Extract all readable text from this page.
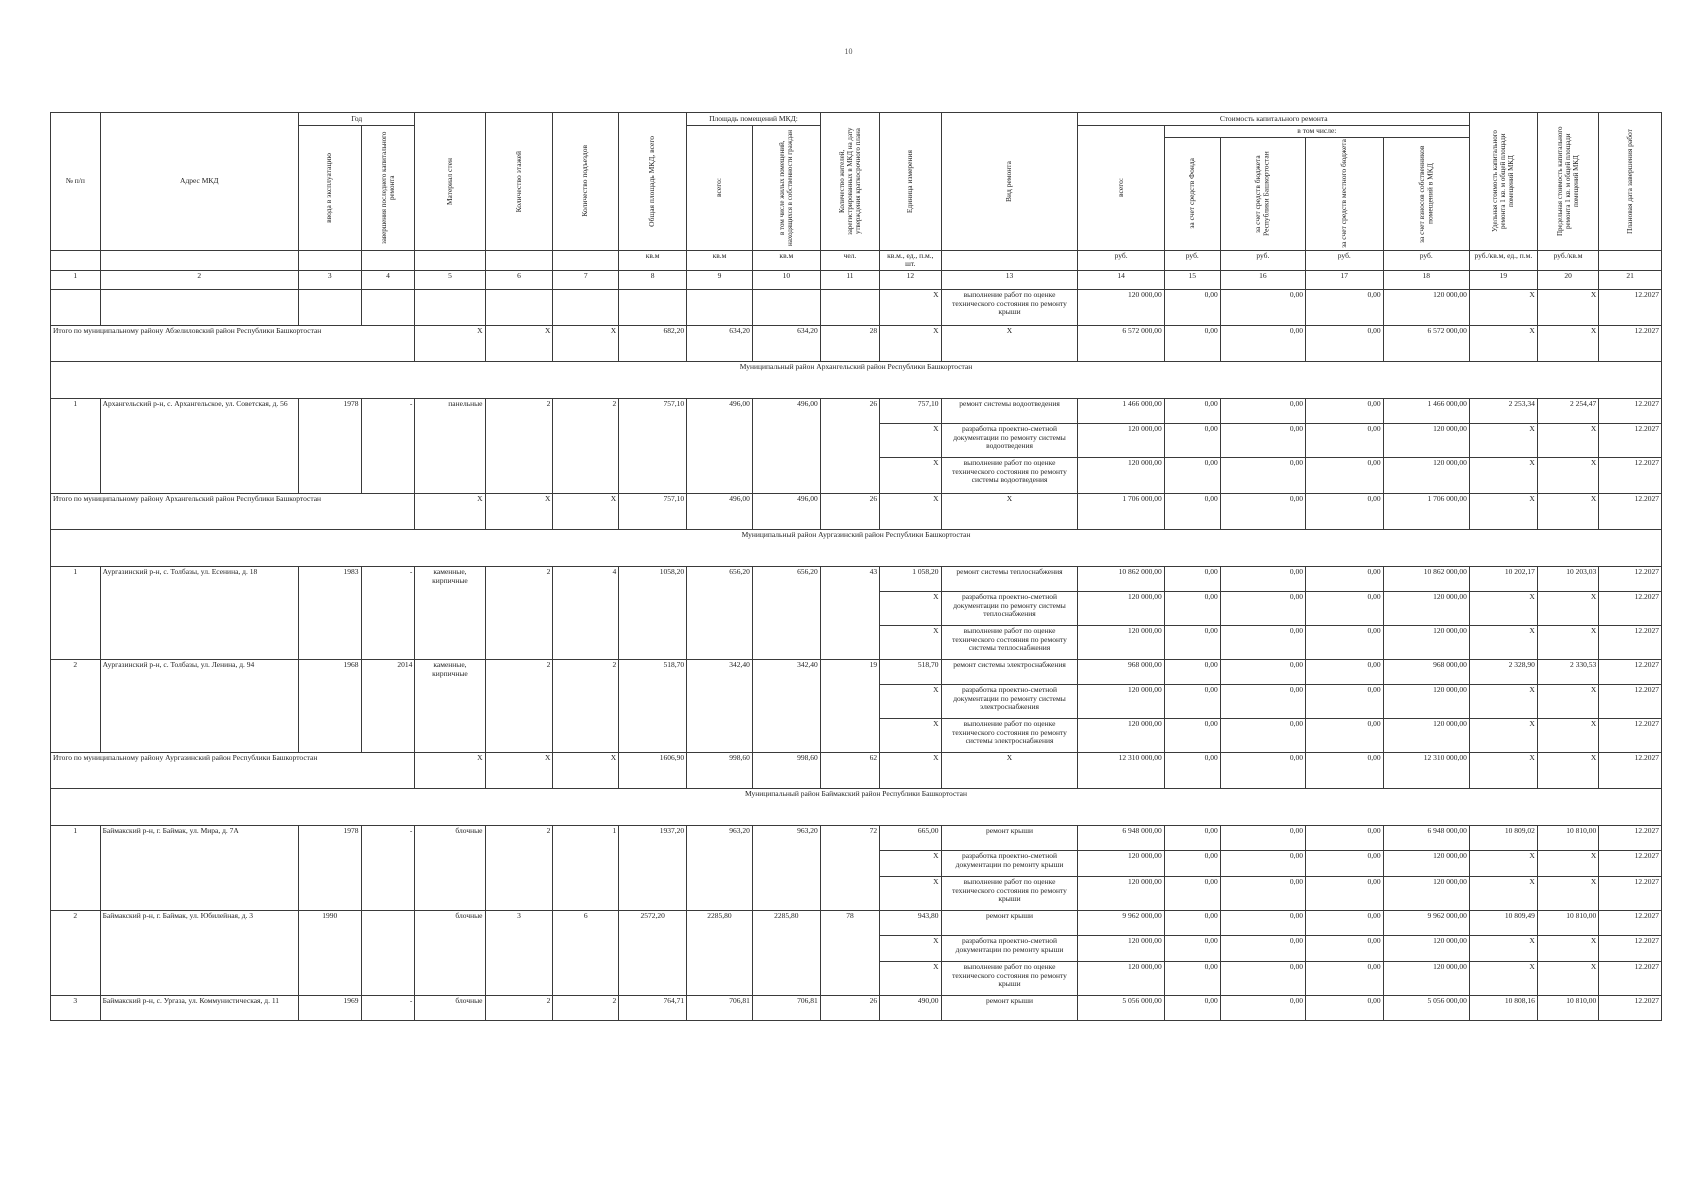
10
№ п/п	Адрес МКД	Год		Материал стен	Количество этажей	Количество подъездов	Общая площадь МКД, всего	Площадь помещений МКД:		Количество жителей, зарегистрированных в МКД на дату утверждения краткосрочного плана	Единица измерения	Вид ремонта	Стоимость капитального ремонта					Удельная стоимость капитального ремонта 1 кв. м общей площади помещений МКД	Предельная стоимость капитального ремонта 1 кв. м общей площади помещений МКД	Плановая дата завершения работ

		ввода в эксплуатацию	завершения последнего капитального ремонта					всего:	в том числе жилых помещений, находящихся в собственности граждан				всего:	в том числе:						

														за счет средств Фонда	за счет средств бюджета Республики Башкортостан	за счет средств местного бюджета	за счет взносов собственников помещений в МКД			

							кв.м	кв.м	кв.м	чел.	кв.м., ед., п.м., шт.		руб.	руб.	руб.	руб.	руб.	руб./кв.м, ед., п.м.	руб./кв.м	
1	2	3	4	5	6	7	8	9	10	11	12	13	14	15	16	17	18	19	20	21
											X	выполнение работ по оценке технического состояния по ремонту крыши	120 000,00	0,00	0,00	0,00	120 000,00	X	X	12.2027
Итого по муниципальному району Абзелиловский район Республики Башкортостан				X	X	X	682,20	634,20	634,20	28	X	X	6 572 000,00	0,00	0,00	0,00	6 572 000,00	X	X	12.2027
Муниципальный район Архангельский район Республики Башкортостан																				
1	Архангельский р-н, с. Архангельское, ул. Советская, д. 56	1978	-	панельные	2	2	757,10	496,00	496,00	26	757,10	ремонт системы водоотведения	1 466 000,00	0,00	0,00	0,00	1 466 000,00	2 253,34	2 254,47	12.2027
											X	разработка проектно-сметной документации по ремонту системы водоотведения	120 000,00	0,00	0,00	0,00	120 000,00	X	X	12.2027
											X	выполнение работ по оценке технического состояния по ремонту системы водоотведения	120 000,00	0,00	0,00	0,00	120 000,00	X	X	12.2027
Итого по муниципальному району Архангельский район Республики Башкортостан				X	X	X	757,10	496,00	496,00	26	X	X	1 706 000,00	0,00	0,00	0,00	1 706 000,00	X	X	12.2027
Муниципальный район Аургазинский район Республики Башкортостан																				
1	Аургазинский р-н, с. Толбазы, ул. Есенина, д. 18	1983	-	каменные, кирпичные	2	4	1058,20	656,20	656,20	43	1 058,20	ремонт системы теплоснабжения	10 862 000,00	0,00	0,00	0,00	10 862 000,00	10 202,17	10 203,03	12.2027
											X	разработка проектно-сметной документации по ремонту системы теплоснабжения	120 000,00	0,00	0,00	0,00	120 000,00	X	X	12.2027
											X	выполнение работ по оценке технического состояния по ремонту системы теплоснабжения	120 000,00	0,00	0,00	0,00	120 000,00	X	X	12.2027
2	Аургазинский р-н, с. Толбазы, ул. Ленина, д. 94	1968	2014	каменные, кирпичные	2	2	518,70	342,40	342,40	19	518,70	ремонт системы электроснабжения	968 000,00	0,00	0,00	0,00	968 000,00	2 328,90	2 330,53	12.2027
											X	разработка проектно-сметной документации по ремонту системы электроснабжения	120 000,00	0,00	0,00	0,00	120 000,00	X	X	12.2027
											X	выполнение работ по оценке технического состояния по ремонту системы электроснабжения	120 000,00	0,00	0,00	0,00	120 000,00	X	X	12.2027
Итого по муниципальному району Аургазинский район Республики Башкортостан				X	X	X	1606,90	998,60	998,60	62	X	X	12 310 000,00	0,00	0,00	0,00	12 310 000,00	X	X	12.2027
Муниципальный район Баймакский район Республики Башкортостан																				
1	Баймакский р-н, г. Баймак, ул. Мира, д. 7А	1978	-	блочные	2	1	1937,20	963,20	963,20	72	665,00	ремонт крыши	6 948 000,00	0,00	0,00	0,00	6 948 000,00	10 809,02	10 810,00	12.2027
											X	разработка проектно-сметной документации по ремонту крыши	120 000,00	0,00	0,00	0,00	120 000,00	X	X	12.2027
											X	выполнение работ по оценке технического состояния по ремонту крыши	120 000,00	0,00	0,00	0,00	120 000,00	X	X	12.2027
2	Баймакский р-н, г. Баймак, ул. Юбилейная, д. 3	1990		блочные	3	6	2572,20	2285,80	2285,80	78	943,80	ремонт крыши	9 962 000,00	0,00	0,00	0,00	9 962 000,00	10 809,49	10 810,00	12.2027
											X	разработка проектно-сметной документации по ремонту крыши	120 000,00	0,00	0,00	0,00	120 000,00	X	X	12.2027
											X	выполнение работ по оценке технического состояния по ремонту крыши	120 000,00	0,00	0,00	0,00	120 000,00	X	X	12.2027
3	Баймакский р-н, с. Ургаза, ул. Коммунистическая, д. 11	1969	-	блочные	2	2	764,71	706,81	706,81	26	490,00	ремонт крыши	5 056 000,00	0,00	0,00	0,00	5 056 000,00	10 808,16	10 810,00	12.2027
